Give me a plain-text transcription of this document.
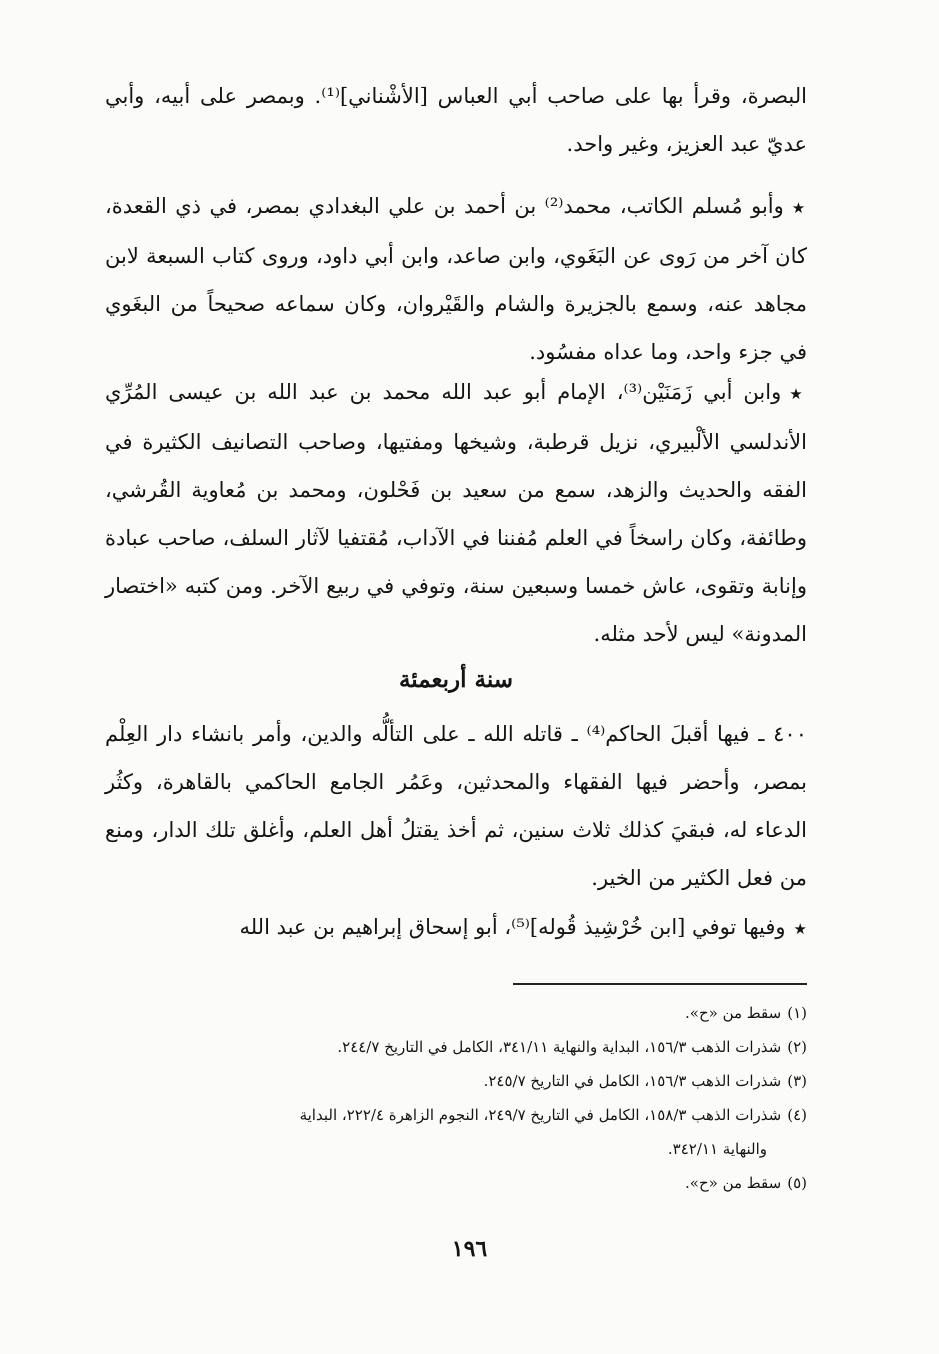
البصرة، وقرأ بها على صاحب أبي العباس [الأشْناني]⁽¹⁾. وبمصر على أبيه، وأبي عديّ عبد العزيز، وغير واحد.

★وأبو مُسلم الكاتب، محمد⁽²⁾ بن أحمد بن علي البغدادي بمصر، في ذي القعدة، كان آخر من رَوى عن البَغَوي، وابن صاعد، وابن أبي داود، وروى كتاب السبعة لابن مجاهد عنه، وسمع بالجزيرة والشام والقَيْروان، وكان سماعه صحيحاً من البغَوي في جزء واحد، وما عداه مفسُود.

★وابن أبي زَمَنَيْن⁽³⁾، الإمام أبو عبد الله محمد بن عبد الله بن عيسى المُرِّي الأندلسي الألْبيري، نزيل قرطبة، وشيخها ومفتيها، وصاحب التصانيف الكثيرة في الفقه والحديث والزهد، سمع من سعيد بن فَحْلون، ومحمد بن مُعاوية القُرشي، وطائفة، وكان راسخاً في العلم مُفننا في الآداب، مُقتفيا لآثار السلف، صاحب عبادة وإنابة وتقوى، عاش خمسا وسبعين سنة، وتوفي في ربيع الآخر. ومن كتبه «اختصار المدونة» ليس لأحد مثله.

سنة أربعمئة

٤٠٠ ـ فيها أقبلَ الحاكم⁽⁴⁾ ـ قاتله الله ـ على التألُّه والدين، وأمر بانشاء دار العِلْم بمصر، وأحضر فيها الفقهاء والمحدثين، وعَمُر الجامع الحاكمي بالقاهرة، وكثُر الدعاء له، فبقيَ كذلك ثلاث سنين، ثم أخذ يقتلُ أهل العلم، وأغلق تلك الدار، ومنع من فعل الكثير من الخير.

★وفيها توفي [ابن خُرْشِيذ قُوله]⁽⁵⁾، أبو إسحاق إبراهيم بن عبد الله

(١)سقط من «ح».

(٢)شذرات الذهب ١٥٦/٣، البداية والنهاية ٣٤١/١١، الكامل في التاريخ ٢٤٤/٧.

(٣)شذرات الذهب ١٥٦/٣، الكامل في التاريخ ٢٤٥/٧.

(٤)شذرات الذهب ١٥٨/٣، الكامل في التاريخ ٢٤٩/٧، النجوم الزاهرة ٢٢٢/٤، البداية
والنهاية ٣٤٢/١١.

(٥)سقط من «ح».

١٩٦
